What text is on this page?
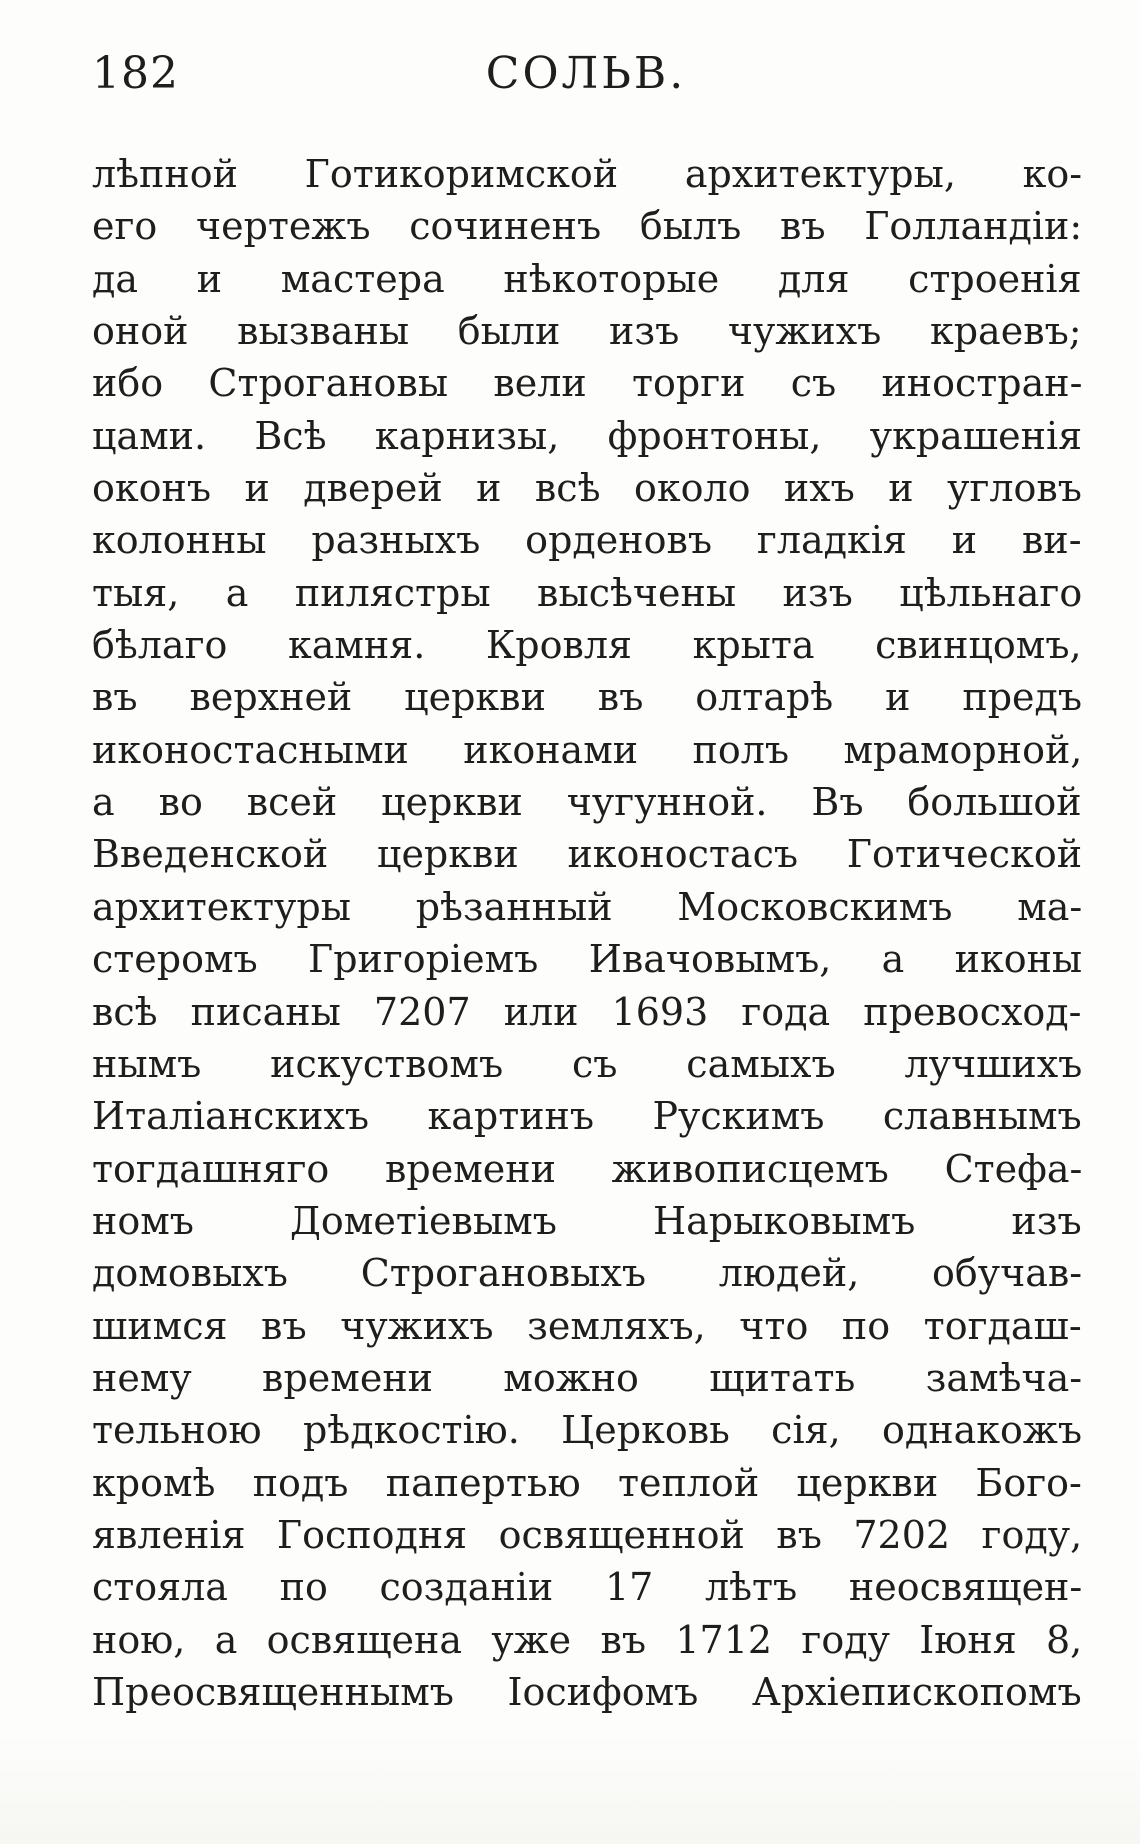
182	СОЛЬВ.
лѣпной Готикоримской архитектуры, ко-
его чертежъ сочиненъ былъ въ Голландіи:
да и мастера нѣкоторые для строенія
оной вызваны были изъ чужихъ краевъ;
ибо Строгановы вели торги съ иностран-
цами. Всѣ карнизы, фронтоны, украшенія
оконъ и дверей и всѣ около ихъ и угловъ
колонны разныхъ орденовъ гладкія и ви-
тыя, а пилястры высѣчены изъ цѣльнаго
бѣлаго камня. Кровля крыта свинцомъ,
въ верхней церкви въ олтарѣ и предъ
иконостасными иконами полъ мраморной,
а во всей церкви чугунной. Въ большой
Введенской церкви иконостасъ Готической
архитектуры рѣзанный Московскимъ ма-
стеромъ Григоріемъ Ивачовымъ, а иконы
всѣ писаны 7207 или 1693 года превосход-
нымъ искуствомъ съ самыхъ лучшихъ
Италіанскихъ картинъ Рускимъ славнымъ
тогдашняго времени живописцемъ Стефа-
номъ Дометіевымъ Нарыковымъ изъ
домовыхъ Строгановыхъ людей, обучав-
шимся въ чужихъ земляхъ, что по тогдаш-
нему времени можно щитать замѣча-
тельною рѣдкостію. Церковь сія, однакожъ
кромѣ подъ папертью теплой церкви Бого-
явленія Господня освященной въ 7202 году,
стояла по созданіи 17 лѣтъ неосвящен-
ною, а освящена уже въ 1712 году Іюня 8,
Преосвященнымъ Іосифомъ Архіепископомъ
